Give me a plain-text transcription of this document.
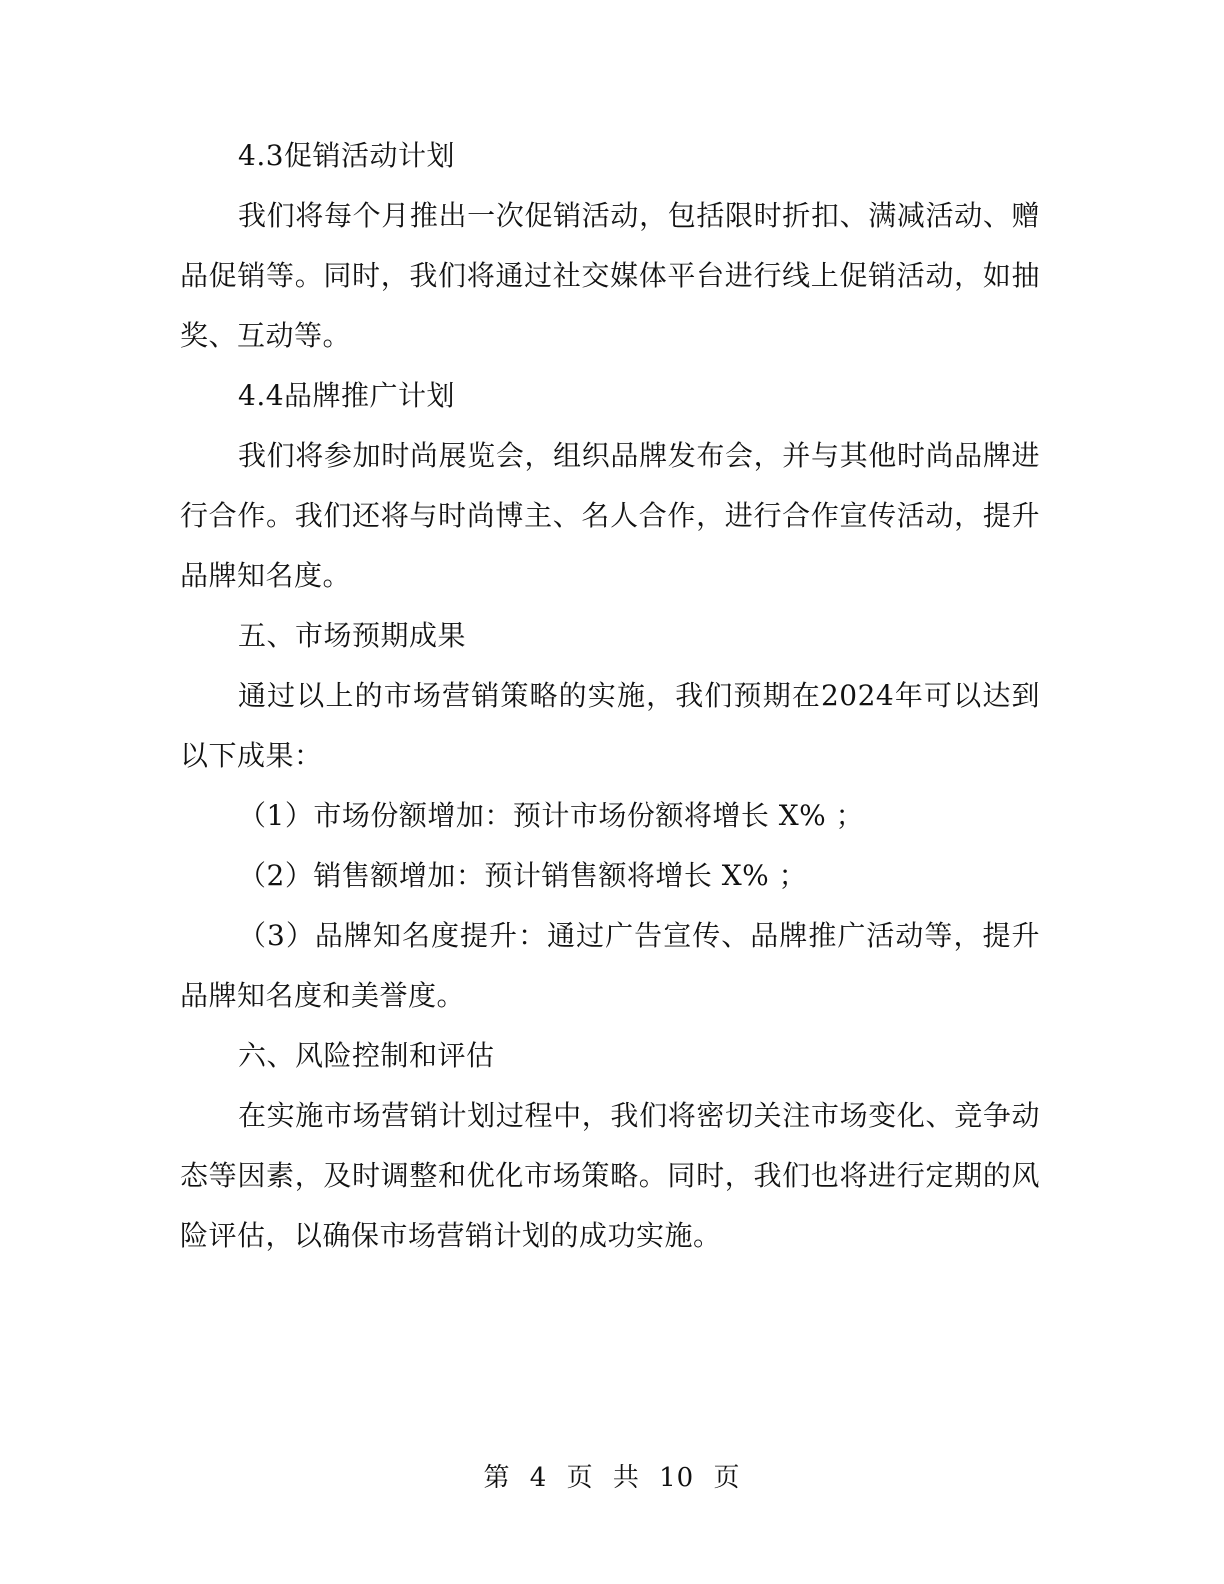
4.3促销活动计划

我们将每个月推出一次促销活动，包括限时折扣、满减活动、赠品促销等。同时，我们将通过社交媒体平台进行线上促销活动，如抽奖、互动等。

4.4品牌推广计划

我们将参加时尚展览会，组织品牌发布会，并与其他时尚品牌进行合作。我们还将与时尚博主、名人合作，进行合作宣传活动，提升品牌知名度。

五、市场预期成果

通过以上的市场营销策略的实施，我们预期在2024年可以达到以下成果：

（1）市场份额增加：预计市场份额将增长 X% ；

（2）销售额增加：预计销售额将增长 X% ；

（3）品牌知名度提升：通过广告宣传、品牌推广活动等，提升品牌知名度和美誉度。

六、风险控制和评估

在实施市场营销计划过程中，我们将密切关注市场变化、竞争动态等因素，及时调整和优化市场策略。同时，我们也将进行定期的风险评估，以确保市场营销计划的成功实施。

第 4 页 共 10 页
